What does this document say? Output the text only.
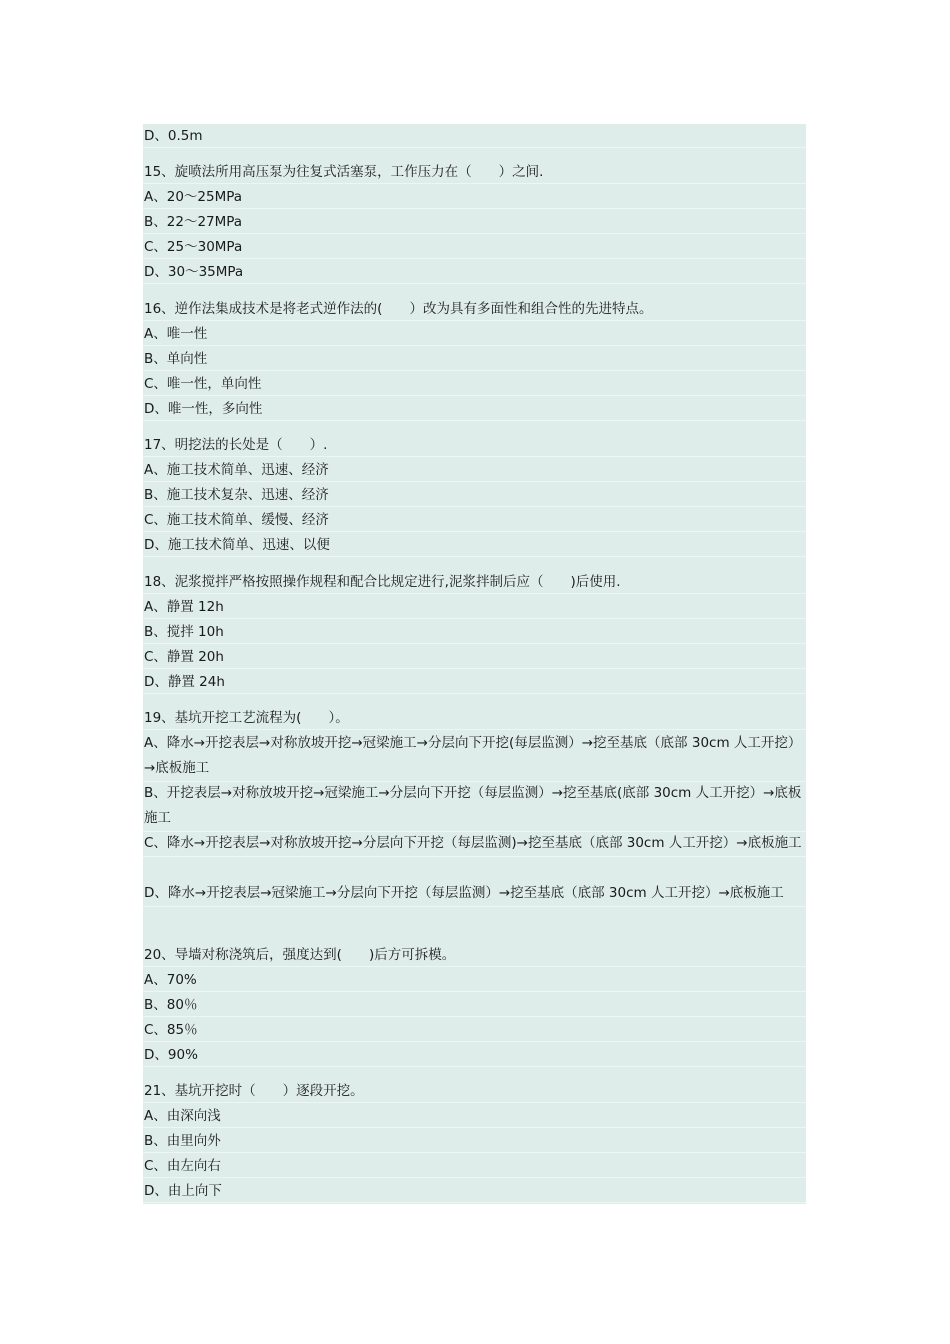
D、0.5m
15、旋喷法所用高压泵为往复式活塞泵，工作压力在（　　）之间.
A、20～25MPa
B、22～27MPa
C、25～30MPa
D、30～35MPa
16、逆作法集成技术是将老式逆作法的(　　）改为具有多面性和组合性的先进特点。
A、唯一性
B、单向性
C、唯一性，单向性
D、唯一性，多向性
17、明挖法的长处是（　　）.
A、施工技术简单、迅速、经济
B、施工技术复杂、迅速、经济
C、施工技术简单、缓慢、经济
D、施工技术简单、迅速、以便
18、泥浆搅拌严格按照操作规程和配合比规定进行,泥浆拌制后应（　　)后使用.
A、静置 12h
B、搅拌 10h
C、静置 20h
D、静置 24h
19、基坑开挖工艺流程为(　　）。
A、降水→开挖表层→对称放坡开挖→冠梁施工→分层向下开挖(每层监测）→挖至基底（底部 30cm 人工开挖）→底板施工
B、开挖表层→对称放坡开挖→冠梁施工→分层向下开挖（每层监测）→挖至基底(底部 30cm 人工开挖）→底板施工
C、降水→开挖表层→对称放坡开挖→分层向下开挖（每层监测)→挖至基底（底部 30cm 人工开挖）→底板施工
D、降水→开挖表层→冠梁施工→分层向下开挖（每层监测）→挖至基底（底部 30cm 人工开挖）→底板施工
20、导墙对称浇筑后，强度达到(　　)后方可拆模。
A、70%
B、80％
C、85％
D、90%
21、基坑开挖时（　　）逐段开挖。
A、由深向浅
B、由里向外
C、由左向右
D、由上向下
